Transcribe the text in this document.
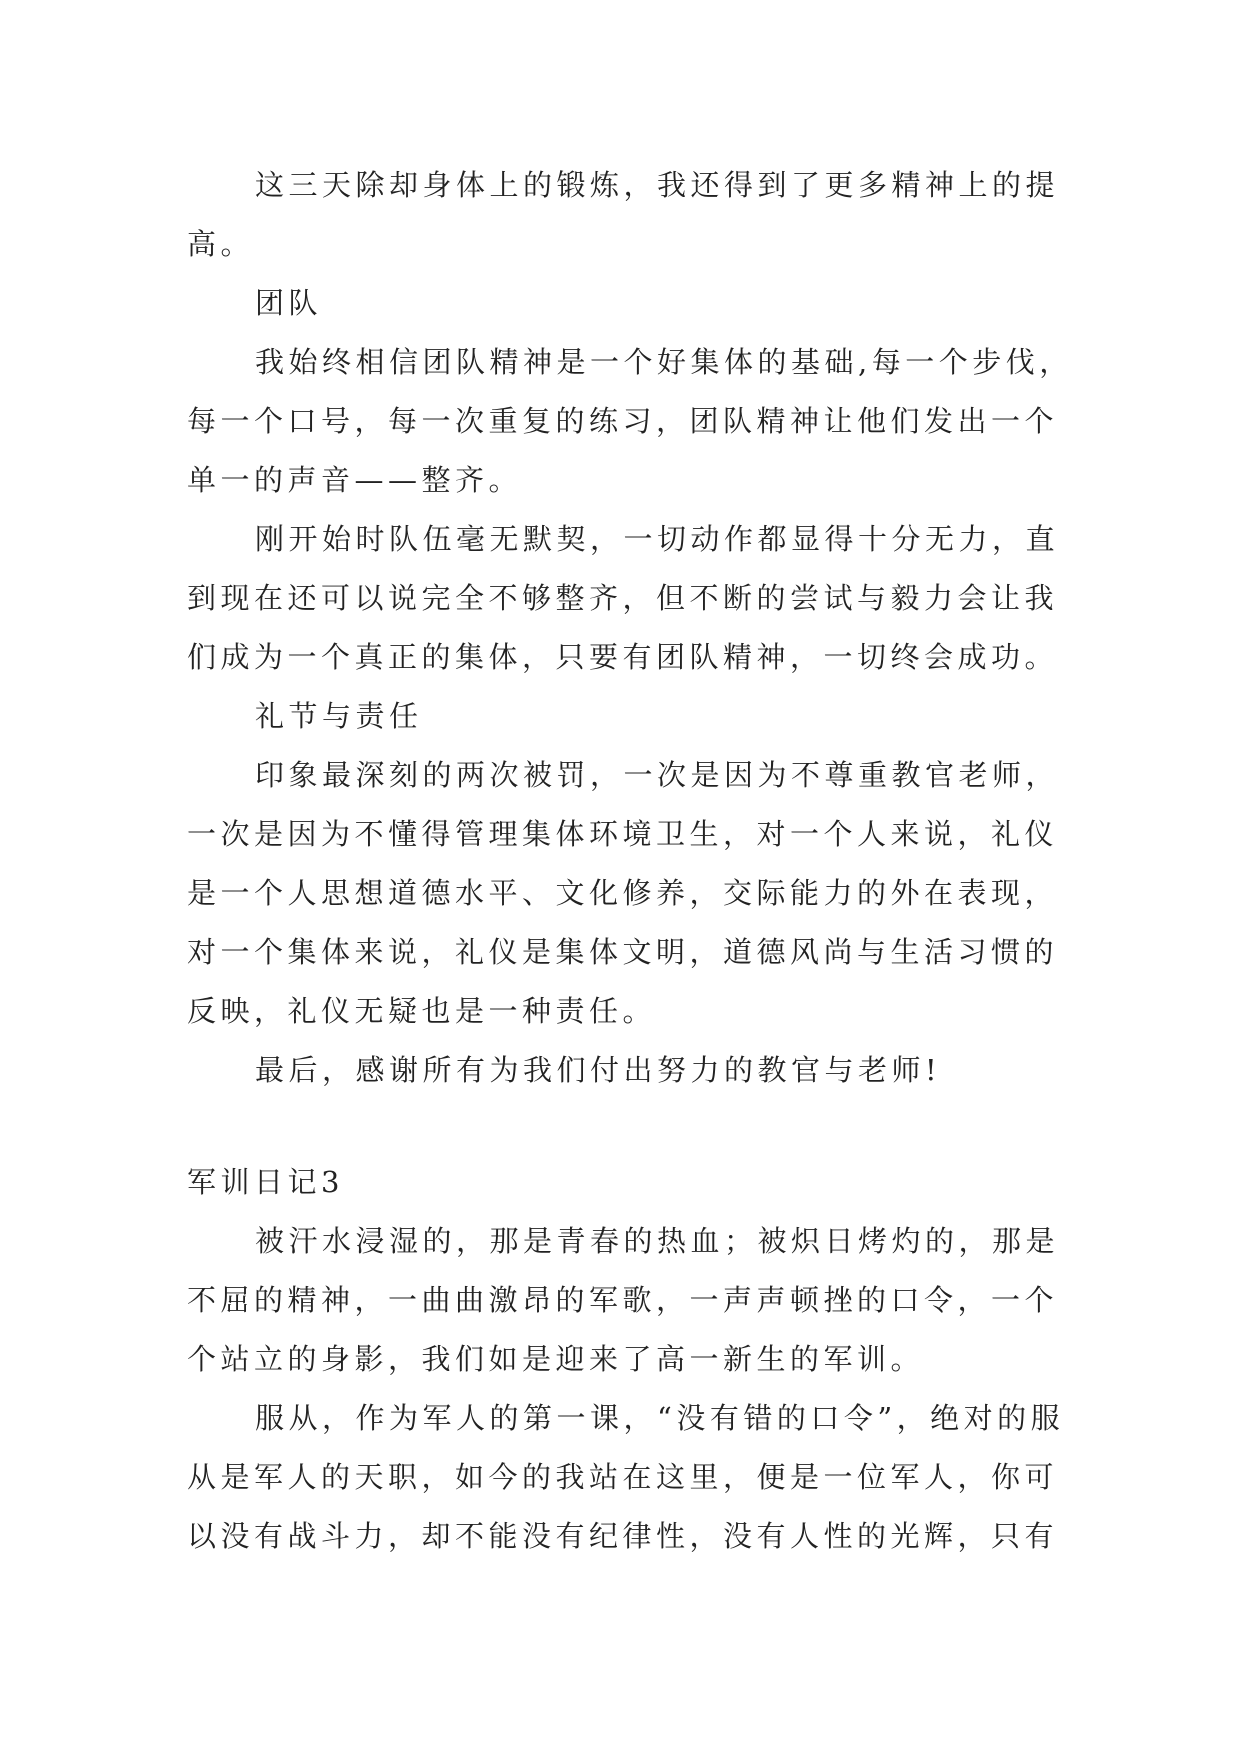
这三天除却身体上的锻炼，我还得到了更多精神上的提
高。
团队
我始终相信团队精神是一个好集体的基础,每一个步伐，
每一个口号，每一次重复的练习，团队精神让他们发出一个
单一的声音——整齐。
刚开始时队伍毫无默契，一切动作都显得十分无力，直
到现在还可以说完全不够整齐，但不断的尝试与毅力会让我
们成为一个真正的集体，只要有团队精神，一切终会成功。
礼节与责任
印象最深刻的两次被罚，一次是因为不尊重教官老师，
一次是因为不懂得管理集体环境卫生，对一个人来说，礼仪
是一个人思想道德水平、文化修养，交际能力的外在表现，
对一个集体来说，礼仪是集体文明，道德风尚与生活习惯的
反映，礼仪无疑也是一种责任。
最后，感谢所有为我们付出努力的教官与老师!
军训日记3
被汗水浸湿的，那是青春的热血；被炽日烤灼的，那是
不屈的精神，一曲曲激昂的军歌，一声声顿挫的口令，一个
个站立的身影，我们如是迎来了高一新生的军训。
服从，作为军人的第一课，“没有错的口令”，绝对的服
从是军人的天职，如今的我站在这里，便是一位军人，你可
以没有战斗力，却不能没有纪律性，没有人性的光辉，只有
